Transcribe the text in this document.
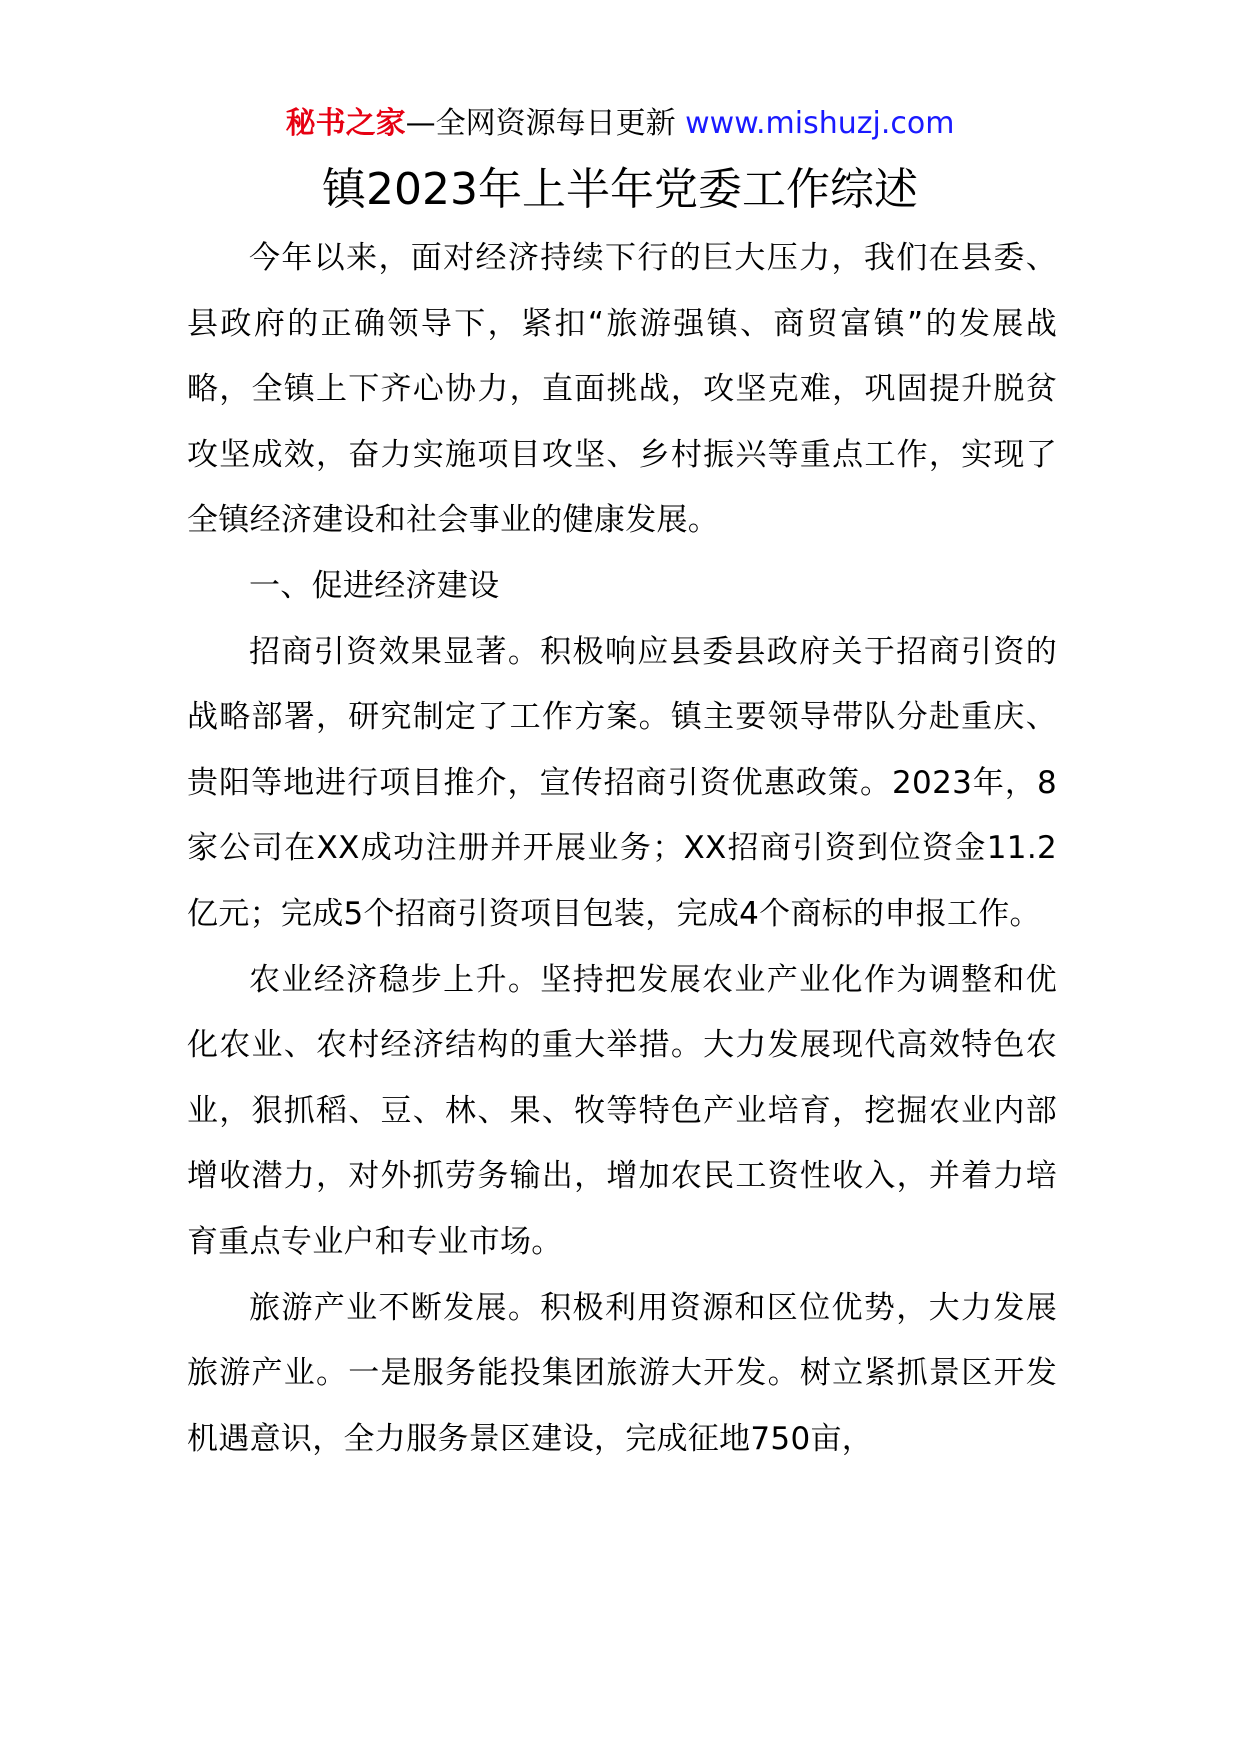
秘书之家—全网资源每日更新 www.mishuzj.com
镇2023年上半年党委工作综述

今年以来，面对经济持续下行的巨大压力，我们在县委、县政府的正确领导下，紧扣“旅游强镇、商贸富镇”的发展战略，全镇上下齐心协力，直面挑战，攻坚克难，巩固提升脱贫攻坚成效，奋力实施项目攻坚、乡村振兴等重点工作，实现了全镇经济建设和社会事业的健康发展。

一、促进经济建设

招商引资效果显著。积极响应县委县政府关于招商引资的战略部署，研究制定了工作方案。镇主要领导带队分赴重庆、贵阳等地进行项目推介，宣传招商引资优惠政策。2023年，8家公司在XX成功注册并开展业务；XX招商引资到位资金11.2亿元；完成5个招商引资项目包装，完成4个商标的申报工作。

农业经济稳步上升。坚持把发展农业产业化作为调整和优化农业、农村经济结构的重大举措。大力发展现代高效特色农业，狠抓稻、豆、林、果、牧等特色产业培育，挖掘农业内部增收潜力，对外抓劳务输出，增加农民工资性收入，并着力培育重点专业户和专业市场。

旅游产业不断发展。积极利用资源和区位优势，大力发展旅游产业。一是服务能投集团旅游大开发。树立紧抓景区开发机遇意识，全力服务景区建设，完成征地750亩，
